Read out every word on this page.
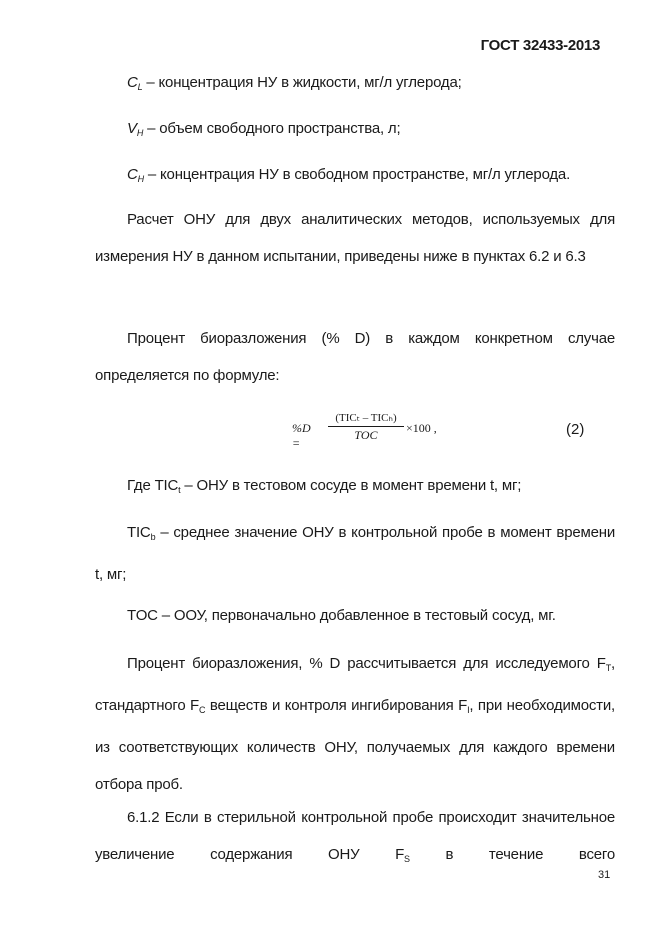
ГОСТ 32433-2013
$C_L$ – концентрация НУ в жидкости, мг/л углерода;
$V_H$ – объем свободного пространства, л;
$C_H$ – концентрация НУ в свободном пространстве, мг/л углерода.
Расчет ОНУ для двух аналитических методов, используемых для измерения НУ в данном испытании, приведены ниже в пунктах 6.2 и 6.3
Процент биоразложения (% D) в каждом конкретном случае определяется по формуле:
%D =
(TICₜ – TICₕ)
TOC	×100 ,	(2)
Где $TIC_t$ – ОНУ в тестовом сосуде в момент времени t, мг;
$TIC_b$ – среднее значение ОНУ в контрольной пробе в момент времени t, мг;
TOC – ООУ, первоначально добавленное в тестовый сосуд, мг.
Процент биоразложения, % D рассчитывается для исследуемого $F_T$, стандартного $F_C$ веществ и контроля ингибирования $F_I$, при необходимости, из соответствующих количеств ОНУ, получаемых для каждого времени отбора проб.
6.1.2 Если в стерильной контрольной пробе происходит значительное увеличение содержания ОНУ $F_S$ в течение всего
31
